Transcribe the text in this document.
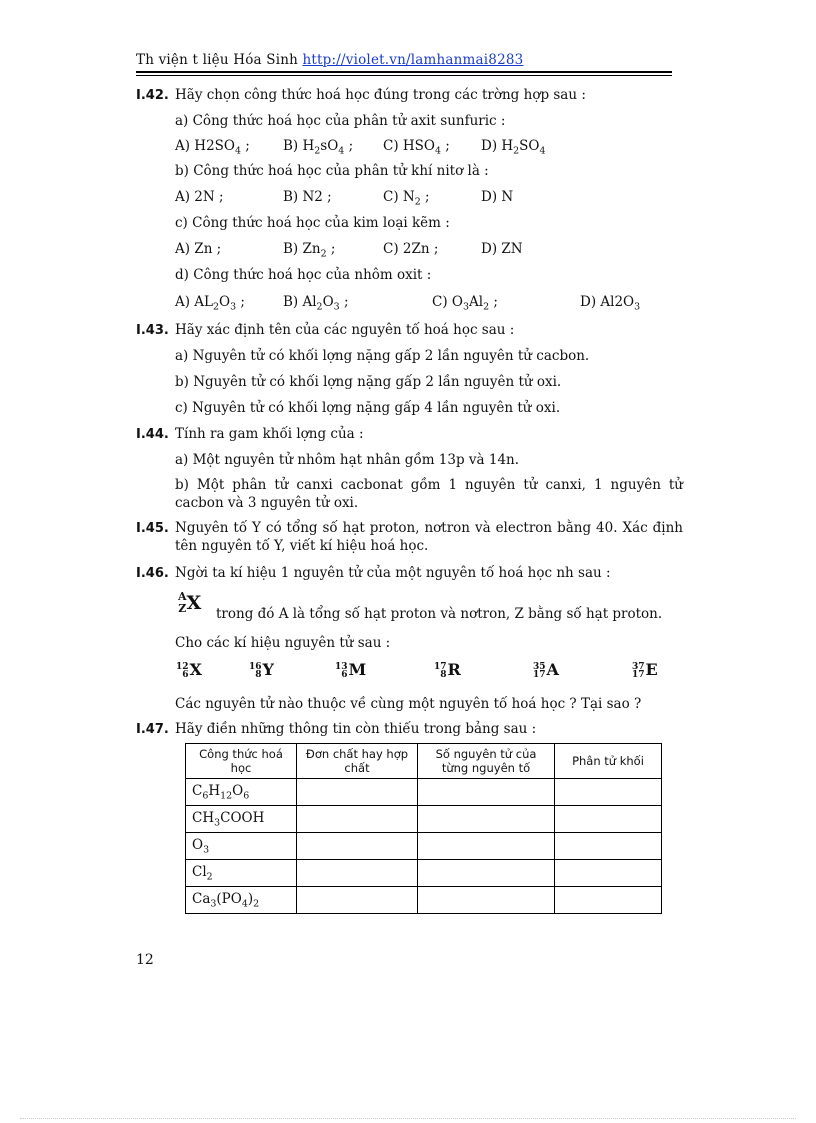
Th viện t liệu Hóa Sinh http://violet.vn/lamhanmai8283
I.42. Hãy chọn công thức hoá học đúng trong các trờng hợp sau :
a) Công thức hoá học của phân tử axit sunfuric :
A) $H2SO_4$ ; B) $H_2sO_4$ ; C) $HSO_4$ ; D) $H_2SO_4$
b) Công thức hoá học của phân tử khí nitơ là :
A) 2N ;	B) N2 ;	C) $N_2$ ;	D) N
c) Công thức hoá học của kim loại kẽm :
A) Zn ;	B) $Zn_2$ ;	C) 2Zn ;	D) ZN
d) Công thức hoá học của nhôm oxit :
A) $AL_2O_3$ ;	B) $Al_2O_3$ ;	C) $O_3Al_2$ ;	D) $Al2O_3$
I.43. Hãy xác định tên của các nguyên tố hoá học sau :
a) Nguyên tử có khối lợng nặng gấp 2 lần nguyên tử cacbon.
b) Nguyên tử có khối lợng nặng gấp 2 lần nguyên tử oxi.
c) Nguyên tử có khối lợng nặng gấp 4 lần nguyên tử oxi.
I.44. Tính ra gam khối lợng của :
a) Một nguyên tử nhôm hạt nhân gồm 13p và 14n.
b) Một phân tử canxi cacbonat gồm 1 nguyên tử canxi, 1 nguyên tử cacbon và 3 nguyên tử oxi.
I.45. Nguyên tố Y có tổng số hạt proton, nơtron và electron bằng 40. Xác định tên nguyên tố Y, viết kí hiệu hoá học.
I.46. Ngời ta kí hiệu 1 nguyên tử của một nguyên tố hoá học nh sau :
A
ZX trong đó A là tổng số hạt proton và nơtron, Z bằng số hạt proton.
Cho các kí hiệu nguyên tử sau :
12
6X	16
8Y	13
6M	17
8R	35
17A	37
17E
Các nguyên tử nào thuộc về cùng một nguyên tố hoá học ? Tại sao ?
I.47. Hãy điền những thông tin còn thiếu trong bảng sau :
Công thức hoá học	Đơn chất hay hợp chất	Số nguyên tử của từng nguyên tố	Phân tử khối
$C_6H_{12}O_6$			
$CH_3COOH$			
$O_3$			
$Cl_2$			
$Ca_3(PO_4)_2$			
12
